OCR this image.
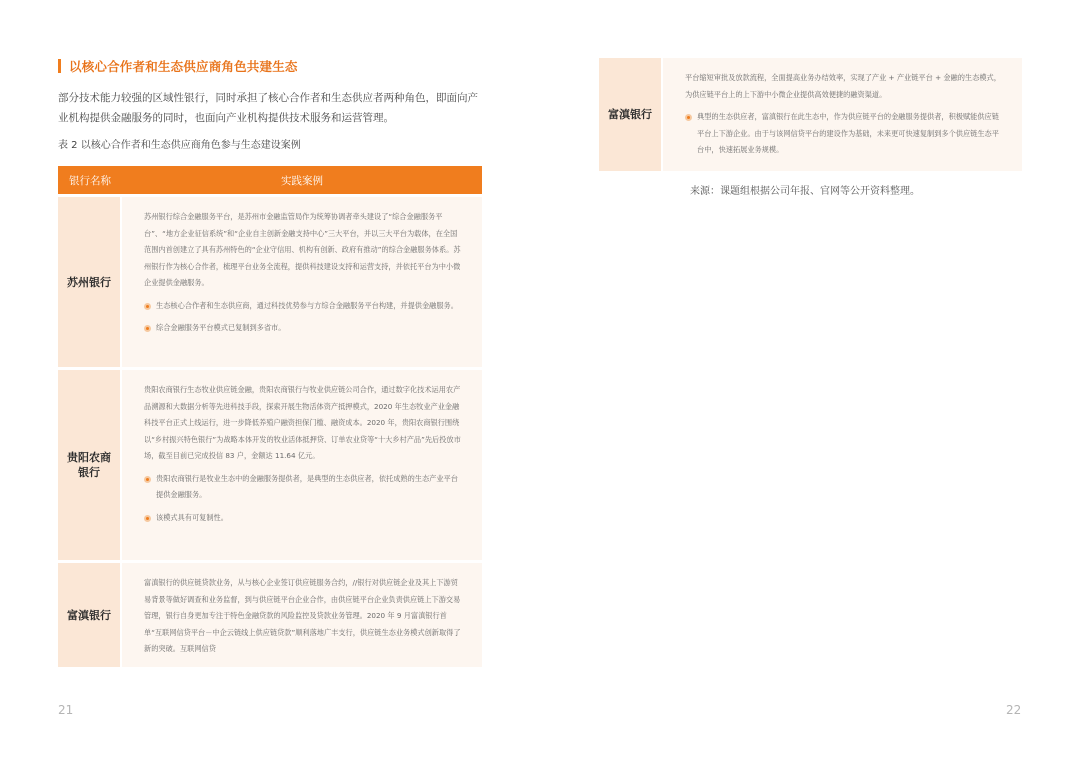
以核心合作者和生态供应商角色共建生态
部分技术能力较强的区域性银行，同时承担了核心合作者和生态供应者两种角色，即面向产业机构提供金融服务的同时，也面向产业机构提供技术服务和运营管理。
表 2 以核心合作者和生态供应商角色参与生态建设案例
银行名称	实践案例
苏州银行

苏州银行综合金融服务平台，是苏州市金融监管局作为统筹协调者牵头建设了“综合金融服务平台”、“地方企业征信系统”和“企业自主创新金融支持中心”三大平台，并以三大平台为载体，在全国范围内首创建立了具有苏州特色的“企业守信用、机构有创新、政府有推动”的综合金融服务体系。苏州银行作为核心合作者，梳理平台业务全流程，提供科技建设支持和运营支持，并依托平台为中小微企业提供金融服务。

生态核心合作者和生态供应商，通过科技优势参与方综合金融服务平台构建，并提供金融服务。
综合金融服务平台模式已复制到多省市。
贵阳农商银行

贵阳农商银行生态牧业供应链金融，贵阳农商银行与牧业供应链公司合作，通过数字化技术运用农产品溯源和大数据分析等先进科技手段，探索开展生物活体资产抵押模式，2020 年生态牧业产业金融科技平台正式上线运行，进一步降低养殖户融资担保门槛、融资成本。2020 年，贵阳农商银行围绕以“乡村振兴特色银行”为战略本体开发的牧业活体抵押贷、订单农业贷等“十大乡村产品”先后投放市场，截至目前已完成投信 83 户，金额达 11.64 亿元。

贵阳农商银行是牧业生态中的金融服务提供者，是典型的生态供应者，依托成熟的生态产业平台提供金融服务。
该模式具有可复制性。
富滇银行

富滇银行的供应链贷款业务，从与核心企业签订供应链服务合约，//银行对供应链企业及其上下游贸易背景等做好调查和业务监督，到与供应链平台企业合作，由供应链平台企业负责供应链上下游交易管理，银行自身更加专注于特色金融贷款的风险监控及贷款业务管理。2020 年 9 月富滇银行首单“互联网信贷平台－中企云链线上供应链贷款”顺利落地广丰支行，供应链生态业务模式创新取得了新的突破。互联网信贷

21
富滇银行

平台缩短审批及放款流程，全面提高业务办结效率，实现了产业 + 产业链平台 + 金融的生态模式，为供应链平台上的上下游中小微企业提供高效便捷的融资渠道。

典型的生态供应者，富滇银行在此生态中，作为供应链平台的金融服务提供者，积极赋能供应链平台上下游企业。由于与该网信贷平台的建设作为基础，未来更可快速复制到多个供应链生态平台中，快速拓展业务规模。
来源：课题组根据公司年报、官网等公开资料整理。
22
